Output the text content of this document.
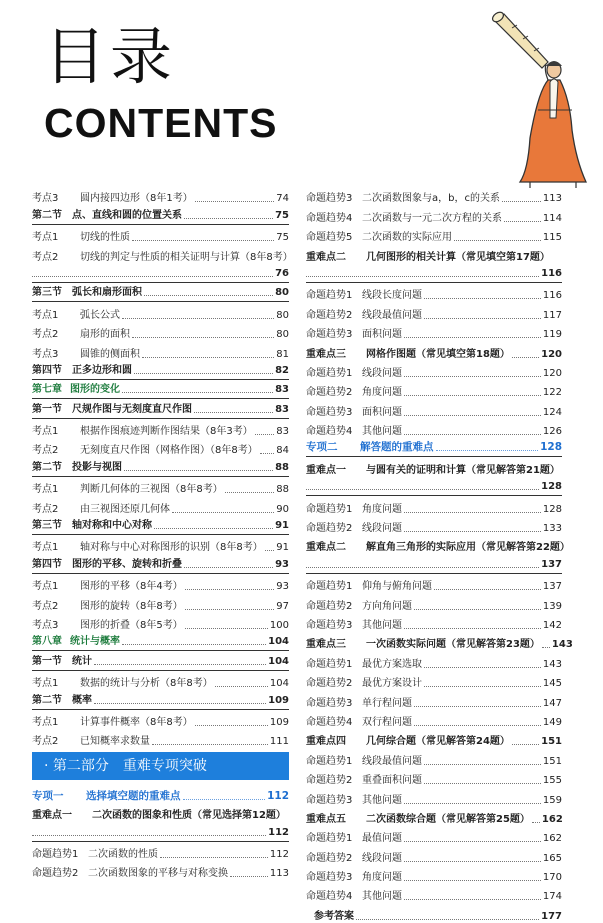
目录
CONTENTS
考点3	圆内接四边形（8年1考）	74
第二节	点、直线和圆的位置关系	75
考点1	切线的性质	75
考点2	切线的判定与性质的相关证明与计算（8年8考）
76
第三节	弧长和扇形面积	80
考点1	弧长公式	80
考点2	扇形的面积	80
考点3	圆锥的侧面积	81
第四节	正多边形和圆	82
第七章 图形的变化	83
第一节	尺规作图与无刻度直尺作图	83
考点1	根据作图痕迹判断作图结果（8年3考） 83
考点2	无刻度直尺作图（网格作图）（8年8考） 84
第二节	投影与视图	88
考点1	判断几何体的三视图（8年8考）	88
考点2	由三视图还原几何体	90
第三节	轴对称和中心对称	91
考点1	轴对称与中心对称图形的识别（8年8考） 91
第四节	图形的平移、旋转和折叠	93
考点1	图形的平移（8年4考）	93
考点2	图形的旋转（8年8考）	97
考点3	图形的折叠（8年5考）	100
第八章 统计与概率	104
第一节	统计	104
考点1	数据的统计与分析（8年8考）	104
第二节	概率	109
考点1	计算事件概率（8年8考）	109
考点2	已知概率求数量	111
· 第二部分　重难专项突破
专项一	选择填空题的重难点	112
重难点一	二次函数的图象和性质（常见选择第12题）
112
命题趋势1 二次函数的性质	112
命题趋势2 二次函数图象的平移与对称变换	113
命题趋势3 二次函数图象与a，b，c的关系	113
命题趋势4 二次函数与一元二次方程的关系	114
命题趋势5 二次函数的实际应用	115
重难点二	几何图形的相关计算（常见填空第17题）
116
命题趋势1 线段长度问题	116
命题趋势2 线段最值问题	117
命题趋势3 面积问题	119
重难点三	网格作图题（常见填空第18题）	120
命题趋势1 线段问题	120
命题趋势2 角度问题	122
命题趋势3 面积问题	124
命题趋势4 其他问题	126
专项二	解答题的重难点	128
重难点一	与圆有关的证明和计算（常见解答第21题）
128
命题趋势1 角度问题	128
命题趋势2 线段问题	133
重难点二	解直角三角形的实际应用（常见解答第22题）
137
命题趋势1 仰角与俯角问题	137
命题趋势2 方向角问题	139
命题趋势3 其他问题	142
重难点三	一次函数实际问题（常见解答第23题） 143
命题趋势1 最优方案选取	143
命题趋势2 最优方案设计	145
命题趋势3 单行程问题	147
命题趋势4 双行程问题	149
重难点四	几何综合题（常见解答第24题）	151
命题趋势1 线段最值问题	151
命题趋势2 重叠面积问题	155
命题趋势3 其他问题	159
重难点五	二次函数综合题（常见解答第25题） 162
命题趋势1 最值问题	162
命题趋势2 线段问题	165
命题趋势3 角度问题	170
命题趋势4 其他问题	174
参考答案	177
